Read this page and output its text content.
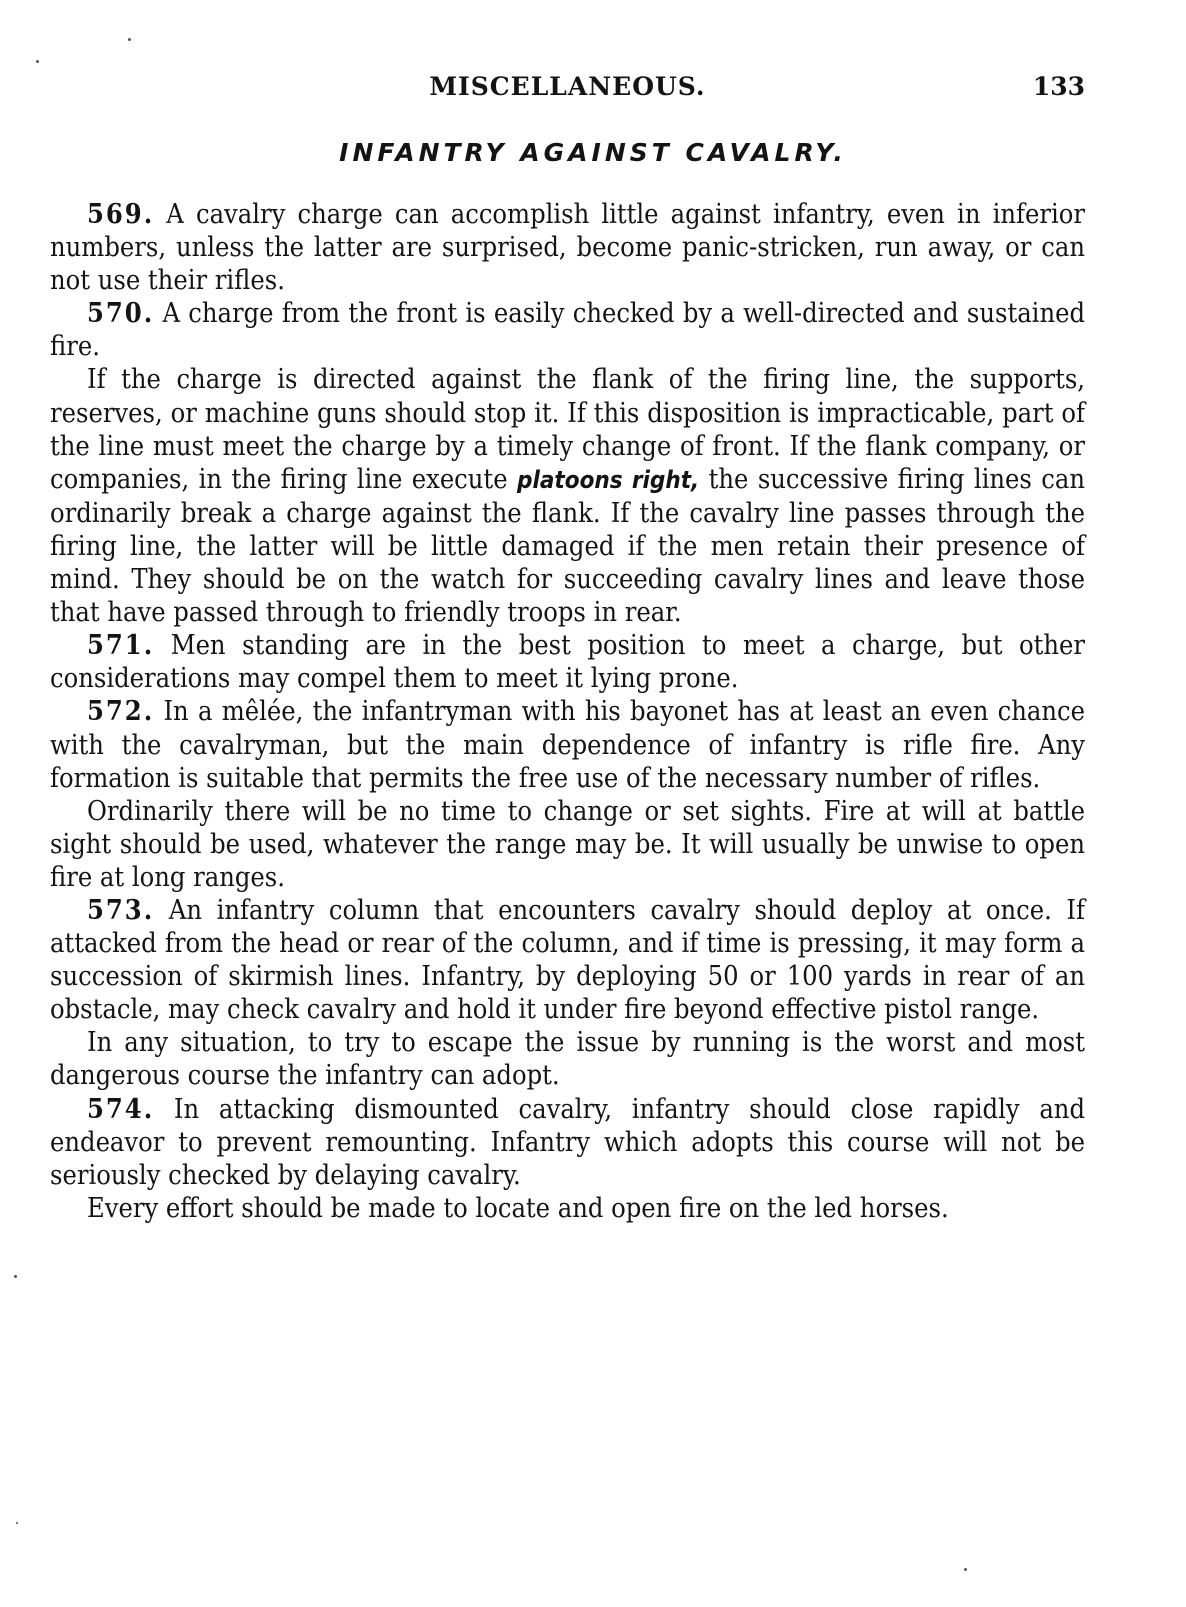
MISCELLANEOUS.	133
INFANTRY AGAINST CAVALRY.

569. A cavalry charge can accomplish little against infantry, even in inferior numbers, unless the latter are surprised, become panic-stricken, run away, or can not use their rifles.

570. A charge from the front is easily checked by a well-directed and sustained fire.

If the charge is directed against the flank of the firing line, the supports, reserves, or machine guns should stop it. If this disposition is impracticable, part of the line must meet the charge by a timely change of front. If the flank company, or companies, in the firing line execute platoons right, the successive firing lines can ordinarily break a charge against the flank. If the cavalry line passes through the firing line, the latter will be little damaged if the men retain their presence of mind. They should be on the watch for succeeding cavalry lines and leave those that have passed through to friendly troops in rear.

571. Men standing are in the best position to meet a charge, but other considerations may compel them to meet it lying prone.

572. In a mêlée, the infantryman with his bayonet has at least an even chance with the cavalryman, but the main dependence of infantry is rifle fire. Any formation is suitable that permits the free use of the necessary number of rifles.

Ordinarily there will be no time to change or set sights. Fire at will at battle sight should be used, whatever the range may be. It will usually be unwise to open fire at long ranges.

573. An infantry column that encounters cavalry should deploy at once. If attacked from the head or rear of the column, and if time is pressing, it may form a succession of skirmish lines. Infantry, by deploying 50 or 100 yards in rear of an obstacle, may check cavalry and hold it under fire beyond effective pistol range.

In any situation, to try to escape the issue by running is the worst and most dangerous course the infantry can adopt.

574. In attacking dismounted cavalry, infantry should close rapidly and endeavor to prevent remounting. Infantry which adopts this course will not be seriously checked by delaying cavalry.

Every effort should be made to locate and open fire on the led horses.
